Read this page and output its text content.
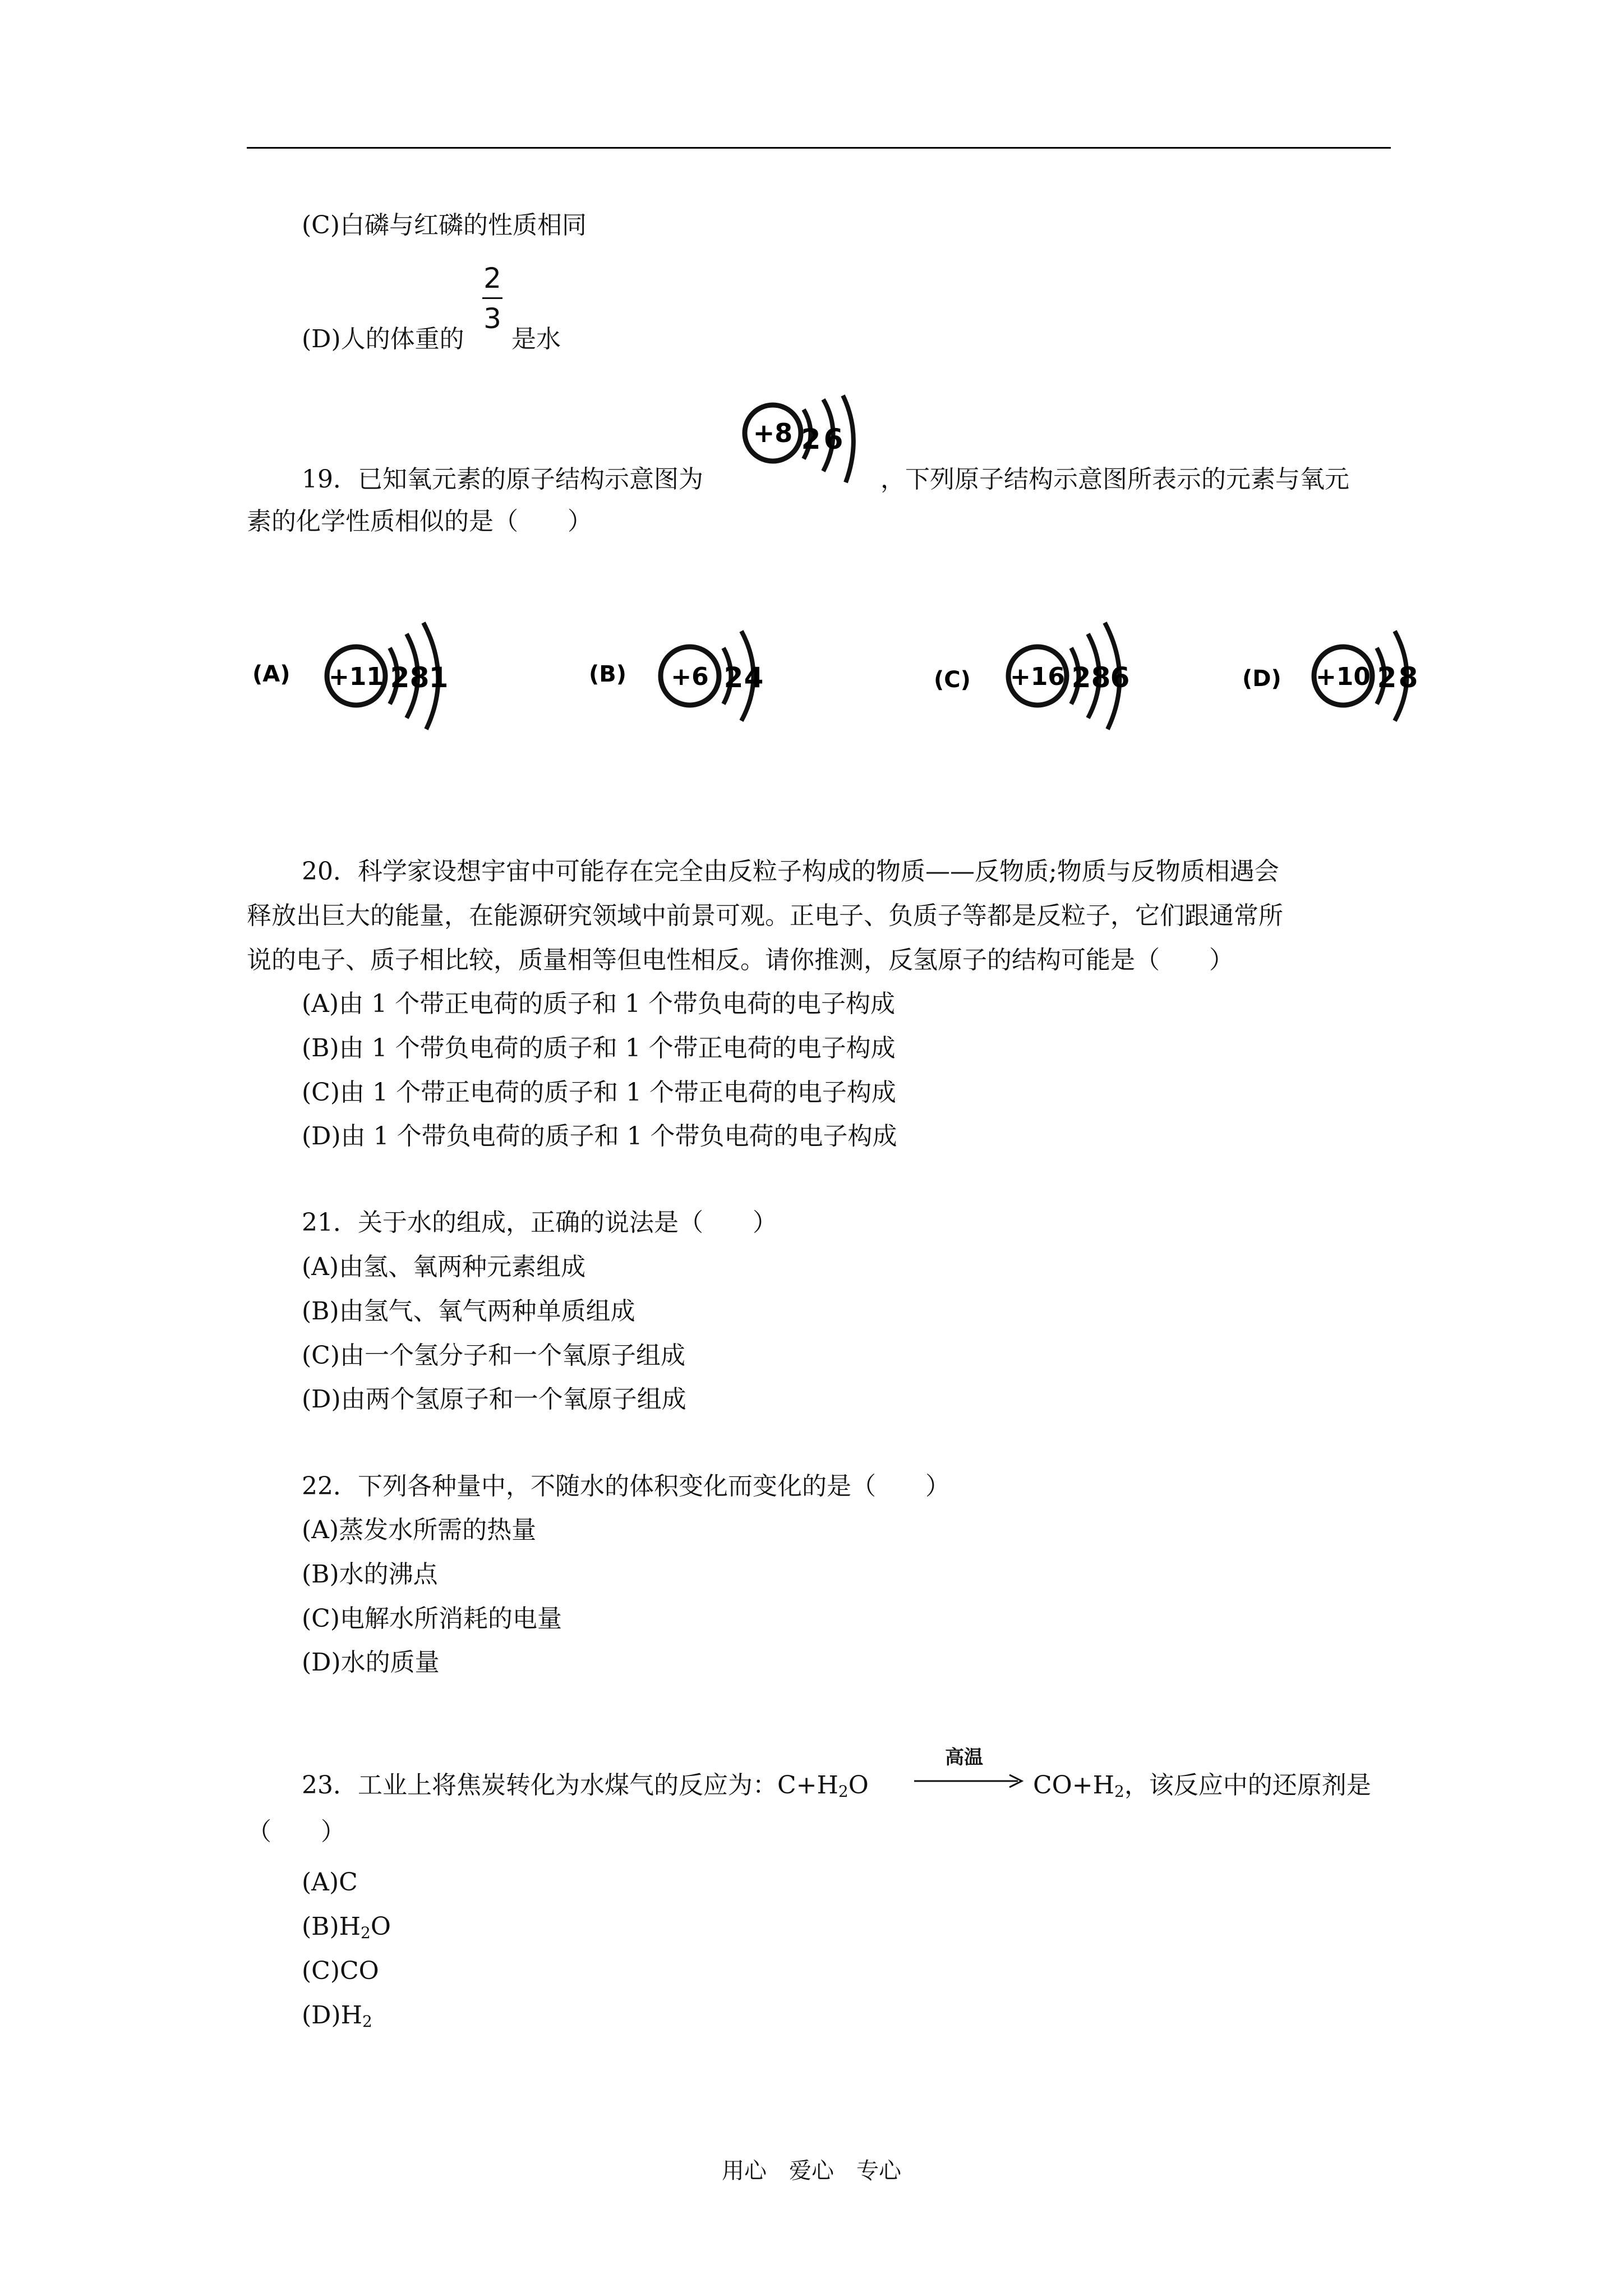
(C)白磷与红磷的性质相同
(D)人的体重的
2
3
是水
19．已知氧元素的原子结构示意图为
+8 2 6
，下列原子结构示意图所表示的元素与氧元
素的化学性质相似的是（　　）
(A) +11 2 8 1	(B) +6 2 4	(C) +16 2 8 6	(D) +10 2 8
20．科学家设想宇宙中可能存在完全由反粒子构成的物质——反物质;物质与反物质相遇会
释放出巨大的能量，在能源研究领域中前景可观。正电子、负质子等都是反粒子，它们跟通常所
说的电子、质子相比较，质量相等但电性相反。请你推测，反氢原子的结构可能是（　　）
(A)由 1 个带正电荷的质子和 1 个带负电荷的电子构成
(B)由 1 个带负电荷的质子和 1 个带正电荷的电子构成
(C)由 1 个带正电荷的质子和 1 个带正电荷的电子构成
(D)由 1 个带负电荷的质子和 1 个带负电荷的电子构成
21．关于水的组成，正确的说法是（　　）
(A)由氢、氧两种元素组成
(B)由氢气、氧气两种单质组成
(C)由一个氢分子和一个氧原子组成
(D)由两个氢原子和一个氧原子组成
22．下列各种量中，不随水的体积变化而变化的是（　　）
(A)蒸发水所需的热量
(B)水的沸点
(C)电解水所消耗的电量
(D)水的质量
23．工业上将焦炭转化为水煤气的反应为：$C+H_2O$
高温
$CO+H_2$，该反应中的还原剂是
（　　）
(A)C
$(B)H_2O$
(C)CO
$(D)H_2$
用心　爱心　专心
